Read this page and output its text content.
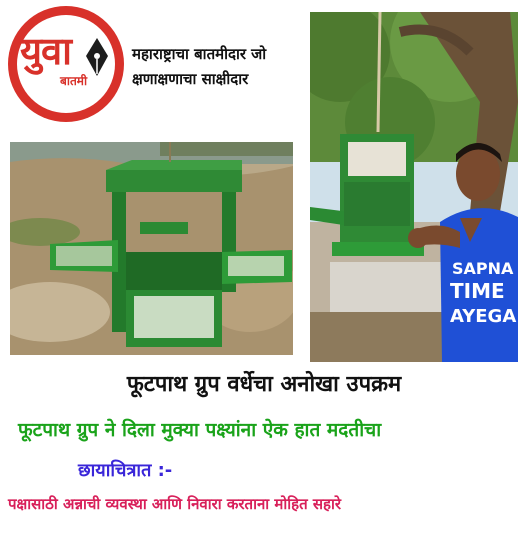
युवा
बातमी
महाराष्ट्राचा बातमीदार जो
क्षणाक्षणाचा साक्षीदार
SAPNA
TIME
AYEGA
फूटपाथ ग्रुप वर्धेचा अनोखा उपक्रम
फूटपाथ ग्रुप ने दिला मुक्या पक्ष्यांना ऐक हात मदतीचा
छायाचित्रात :-
पक्षासाठी अन्नाची व्यवस्था आणि निवारा करताना मोहित सहारे
